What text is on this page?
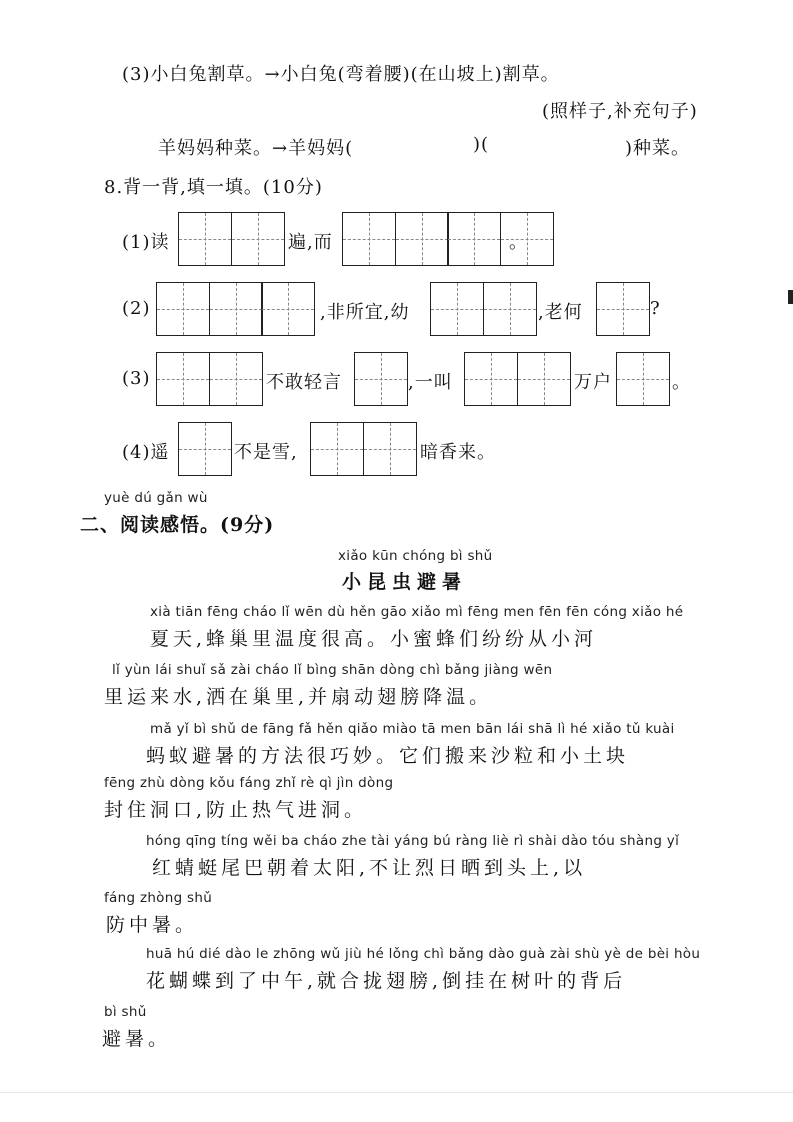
(3)小白兔割草。→小白兔(弯着腰)(在山坡上)割草。
(照样子,补充句子)
羊妈妈种菜。→羊妈妈(	)(	)种菜。
8.背一背,填一填。(10分)
(1)读	遍,而	。
(2)	,非所宜,幼	,老何	?
(3)	不敢轻言	,一叫	万户	。
(4)遥	不是雪,	暗香来。
yuè dú gǎn wù
二、阅读感悟。(9分)
xiǎo kūn chóng bì shǔ
小昆虫避暑
xià tiān fēng cháo lǐ wēn dù hěn gāo xiǎo mì fēng men fēn fēn cóng xiǎo hé
夏天,蜂巢里温度很高。小蜜蜂们纷纷从小河
lǐ yùn lái shuǐ sǎ zài cháo lǐ bìng shān dòng chì bǎng jiàng wēn
里运来水,洒在巢里,并扇动翅膀降温。
mǎ yǐ bì shǔ de fāng fǎ hěn qiǎo miào tā men bān lái shā lì hé xiǎo tǔ kuài
蚂蚁避暑的方法很巧妙。它们搬来沙粒和小土块
fēng zhù dòng kǒu fáng zhǐ rè qì jìn dòng
封住洞口,防止热气进洞。
hóng qīng tíng wěi ba cháo zhe tài yáng bú ràng liè rì shài dào tóu shàng yǐ
红蜻蜓尾巴朝着太阳,不让烈日晒到头上,以
fáng zhòng shǔ
防中暑。
huā hú dié dào le zhōng wǔ jiù hé lǒng chì bǎng dào guà zài shù yè de bèi hòu
花蝴蝶到了中午,就合拢翅膀,倒挂在树叶的背后
bì shǔ
避暑。
